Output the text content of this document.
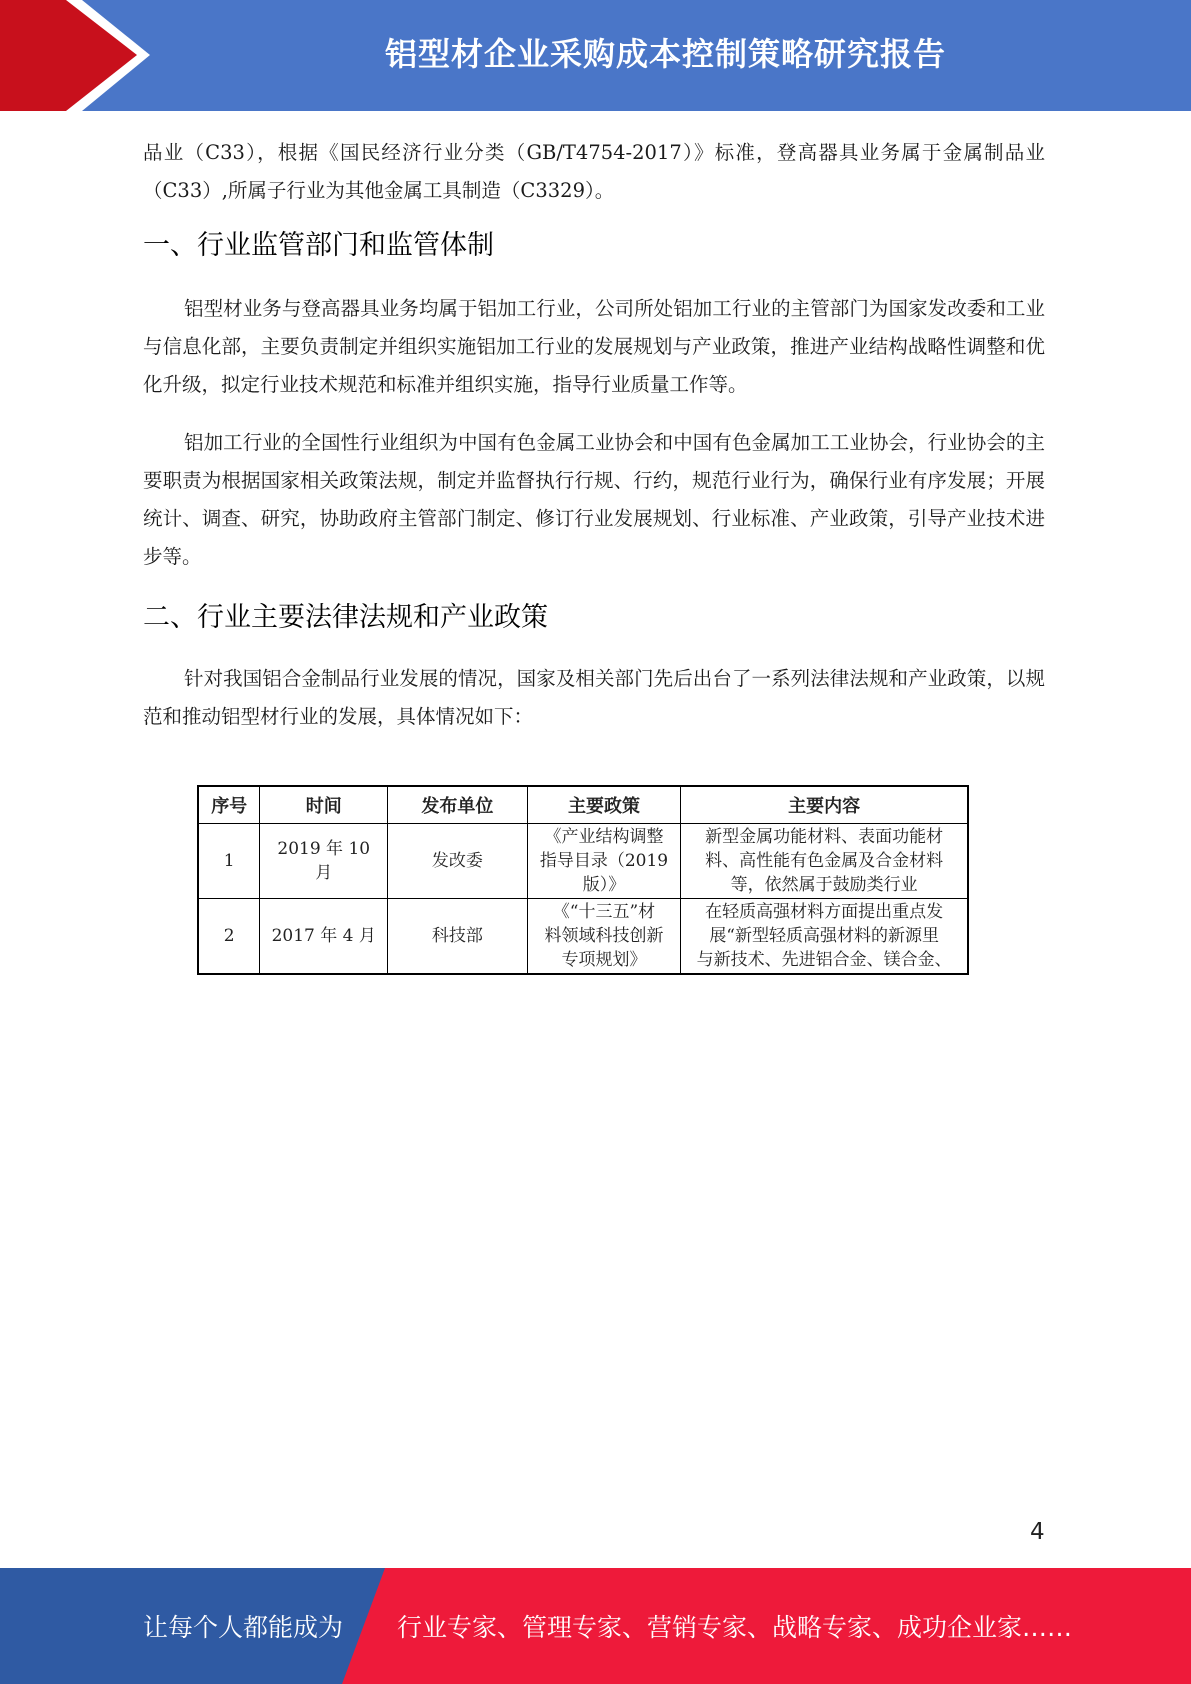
铝型材企业采购成本控制策略研究报告

品业（C33），根据《国民经济行业分类（GB/T4754-2017）》标准，登高器具业务属于金属制品业（C33）,所属子行业为其他金属工具制造（C3329）。

一、行业监管部门和监管体制

铝型材业务与登高器具业务均属于铝加工行业，公司所处铝加工行业的主管部门为国家发改委和工业与信息化部，主要负责制定并组织实施铝加工行业的发展规划与产业政策，推进产业结构战略性调整和优化升级，拟定行业技术规范和标准并组织实施，指导行业质量工作等。

铝加工行业的全国性行业组织为中国有色金属工业协会和中国有色金属加工工业协会，行业协会的主要职责为根据国家相关政策法规，制定并监督执行行规、行约，规范行业行为，确保行业有序发展；开展统计、调查、研究，协助政府主管部门制定、修订行业发展规划、行业标准、产业政策，引导产业技术进步等。

二、行业主要法律法规和产业政策

针对我国铝合金制品行业发展的情况，国家及相关部门先后出台了一系列法律法规和产业政策，以规范和推动铝型材行业的发展，具体情况如下：

序号	时间	发布单位	主要政策	主要内容
1	2019 年 10 月	发改委	《产业结构调整
指导目录（2019
版）》	新型金属功能材料、表面功能材
料、高性能有色金属及合金材料
等，依然属于鼓励类行业

2	2017 年 4 月	科技部	《“十三五”材
料领域科技创新
专项规划》	在轻质高强材料方面提出重点发
展“新型轻质高强材料的新源里
与新技术、先进铝合金、镁合金、
4
让每个人都能成为 行业专家、管理专家、营销专家、战略专家、成功企业家……
